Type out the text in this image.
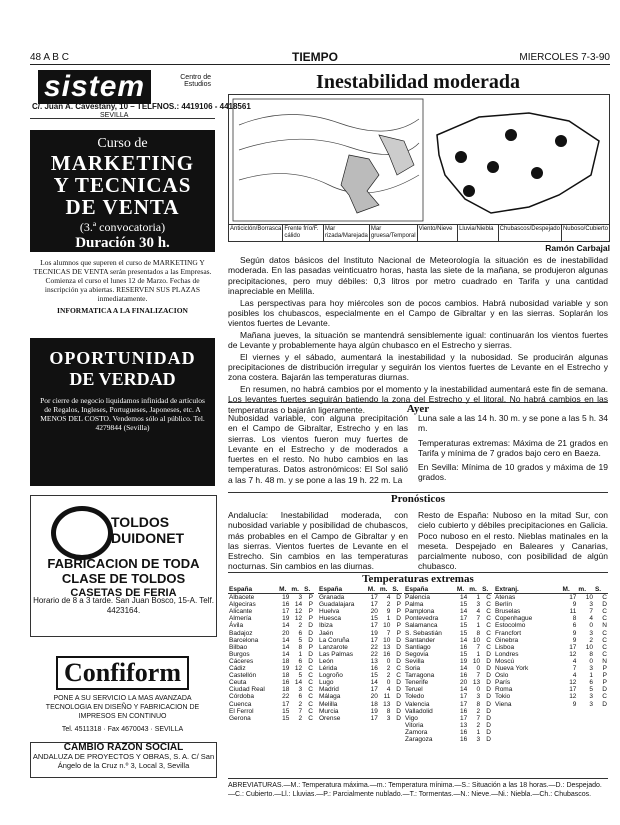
48 A B C	TIEMPO	MIERCOLES 7-3-90
sistem	Centro de Estudios
C/. Juan A. Cavestany, 10 – TELFNOS.: 4419106 - 4418561
SEVILLA
Curso de
MARKETING
Y TECNICAS
DE VENTA
(3.ª convocatoria)
Duración 30 h.
Los alumnos que superen el curso de MARKETING Y TECNICAS DE VENTA serán presentados a las Empresas. Comienza el curso el lunes 12 de Marzo. Fechas de inscripción ya abiertas. RESERVEN SUS PLAZAS inmediatamente.
INFORMATICA A LA FINALIZACION
OPORTUNIDAD
DE VERDAD
Por cierre de negocio liquidamos infinidad de artículos de Regalos, Ingleses, Portugueses, Japoneses, etc. A MENOS DEL COSTO. Vendemos sólo al público. Tel. 4279844 (Sevilla)
TOLDOS
DUIDONET
FABRICACION DE TODA
CLASE DE TOLDOS
CASETAS DE FERIA
Horario de 8 a 3 tarde. San Juan Bosco, 15-A. Telf. 4423164.
Confiform
PONE A SU SERVICIO LA MAS AVANZADA TECNOLOGIA EN DISEÑO Y FABRICACION DE IMPRESOS EN CONTINUO
Tel. 4511318 · Fax 4670043 · SEVILLA
CAMBIO RAZON SOCIAL
ANDALUZA DE PROYECTOS Y OBRAS, S. A. C/ San Ángelo de la Cruz n.º 3, Local 3, Sevilla
Inestabilidad moderada
Anticiclón/Borrasca Frente frío/F. cálido
Mar rizada/Marejada
Mar gruesa/Temporal
Viento/Nieve	Lluvia/Niebla	Chubascos/Despejado Nuboso/Cubierto
Ramón Carbajal

Según datos básicos del Instituto Nacional de Meteorología la situación es de inestabilidad moderada. En las pasadas veinticuatro horas, hasta las siete de la mañana, se produjeron algunas precipitaciones, pero muy débiles: 0,3 litros por metro cuadrado en Tarifa y una cantidad inapreciable en Melilla.

Las perspectivas para hoy miércoles son de pocos cambios. Habrá nubosidad variable y son posibles los chubascos, especialmente en el Campo de Gibraltar y en las sierras. Soplarán los vientos fuertes de Levante.

Mañana jueves, la situación se mantendrá sensiblemente igual: continuarán los vientos fuertes de Levante y probablemente haya algún chubasco en el Estrecho y sierras.

El viernes y el sábado, aumentará la inestabilidad y la nubosidad. Se producirán algunas precipitaciones de distribución irregular y seguirán los vientos fuertes de Levante en el Estrecho y zona costera. Bajarán las temperaturas diurnas.

En resumen, no habrá cambios por el momento y la inestabilidad aumentará este fin de semana. Los levantes fuertes seguirán batiendo la zona del Estrecho y el litoral. No habrá cambios en las temperaturas o bajarán ligeramente.	Ayer
Nubosidad variable, con alguna precipitación en el Campo de Gibraltar, Estrecho y en las sierras. Los vientos fueron muy fuertes de Levante en el Estrecho y de moderados a fuertes en el resto. No hubo cambios en las temperaturas. Datos astronómicos: El Sol salió a las 7 h. 48 m. y se pone a las 19 h. 22 m. La

Luna sale a las 14 h. 30 m. y se pone a las 5 h. 34 m.

Temperaturas extremas: Máxima de 21 grados en Tarifa y mínima de 7 grados bajo cero en Baeza.

En Sevilla: Mínima de 10 grados y máxima de 19 grados.

Pronósticos
Andalucía: Inestabilidad moderada, con nubosidad variable y posibilidad de chubascos, más probables en el Campo de Gibraltar y en las sierras. Vientos fuertes de Levante en el Estrecho. Sin cambios en las temperaturas nocturnas. Sin cambios en las diurnas.
Resto de España: Nuboso en la mitad Sur, con cielo cubierto y débiles precipitaciones en Galicia. Poco nuboso en el resto. Nieblas matinales en la meseta. Despejado en Baleares y Canarias, parcialmente nuboso, con posibilidad de algún chubasco.
Temperaturas extremas
España	M.	m.	S.
Albacete	19	3	P
Algeciras	16	14	P
Alicante	17	12	P
Almería	19	12	P
Ávila	14	2	D
Badajoz	20	6	D
Barcelona	14	5	D
Bilbao	14	8	P
Burgos	14	1	D
Cáceres	18	6	D
Cádiz	19	12	C
Castellón	18	5	C
Ceuta	16	14	C
Ciudad Real	18	3	C
Córdoba	22	6	C
Cuenca	17	2	C
El Ferrol	15	7	C
Gerona	15	2	C
España	M.	m.	S.
Granada	17	4	D
Guadalajara	17	2	P
Huelva	20	9	P
Huesca	15	1	D
Ibiza	17	10	P
Jaén	19	7	P
La Coruña	17	10	D
Lanzarote	22	13	D
Las Palmas	22	16	D
León	13	0	D
Lérida	16	2	C
Logroño	15	2	C
Lugo	14	0	D
Madrid	17	4	D
Málaga	20	11	D
Melilla	18	13	D
Murcia	19	8	D
Orense	17	3	D
España	M.	m.	S.
Palencia	14	1	C
Palma	15	3	C
Pamplona	14	4	C
Pontevedra	17	7	C
Salamanca	15	1	C
S. Sebastián	15	8	C
Santander	14	10	C
Santiago	16	7	C
Segovia	15	1	D
Sevilla	19	10	D
Soria	14	0	D
Tarragona	16	7	D
Tenerife	20	13	D
Teruel	14	0	D
Toledo	17	3	D
Valencia	17	8	D
Valladolid	16	2	D
Vigo	17	7	D
Vitoria	13	2	D
Zamora	16	1	D
Zaragoza	16	3	D
Extranj.	M.	m.	S.
Atenas	17	10	C
Berlín	9	3	D
Bruselas	11	7	C
Copenhague	8	4	C
Estocolmo	6	0	N
Francfort	9	3	C
Ginebra	9	2	C
Lisboa	17	10	C
Londres	12	8	C
Moscú	4	0	N
Nueva York	7	3	P
Oslo	4	1	P
París	12	6	P
Roma	17	5	D
Tokio	12	3	C
Viena	9	3	D
ABREVIATURAS.—M.: Temperatura máxima.—m.: Temperatura mínima.—S.: Situación a las 18 horas.—D.: Despejado.—C.: Cubierto.—Ll.: Lluvias.—P.: Parcialmente nublado.—T.: Tormentas.—N.: Nieve.—Ni.: Niebla.—Ch.: Chubascos.
